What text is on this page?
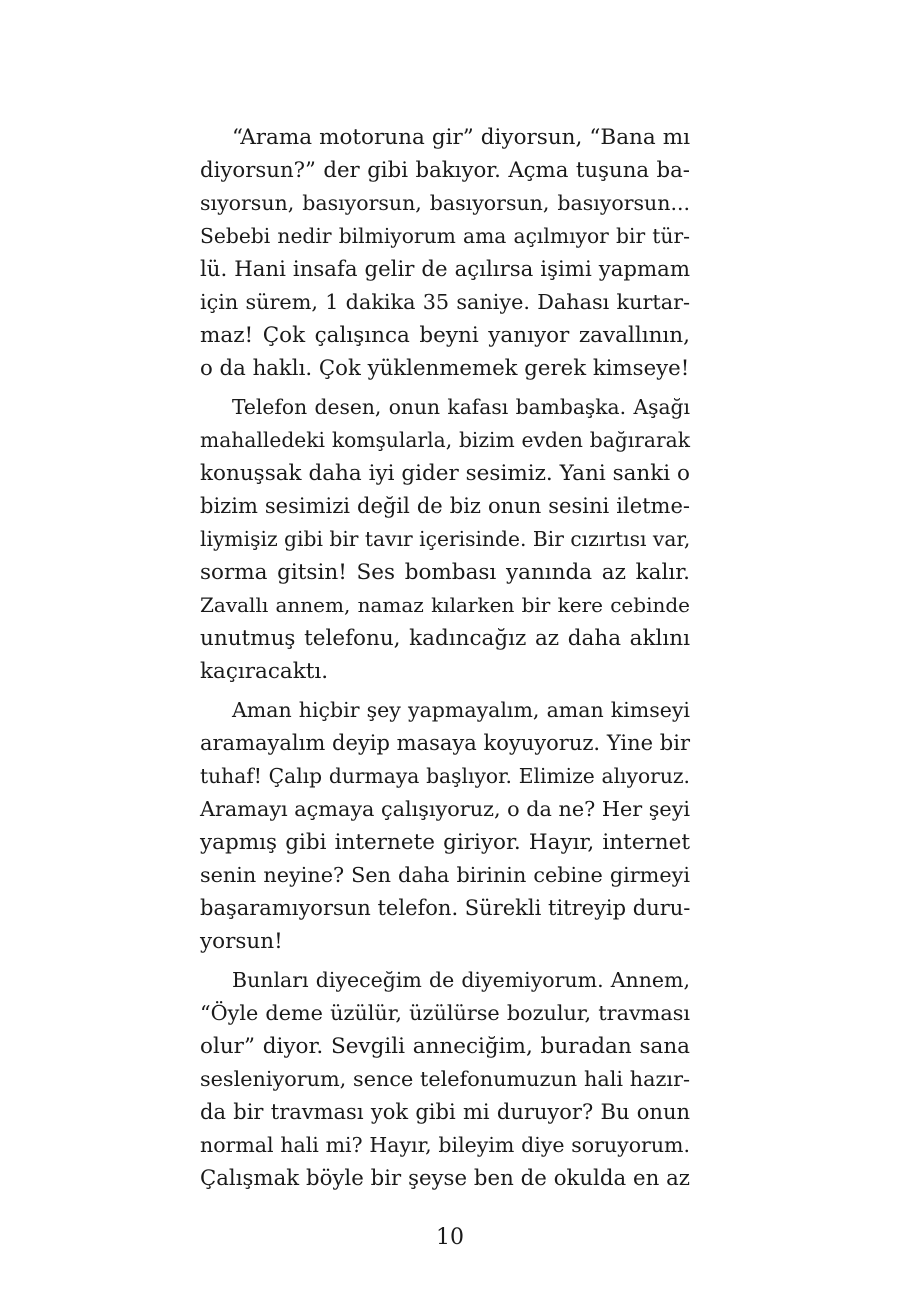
“Arama motoruna gir” diyorsun, “Bana mı
diyorsun?” der gibi bakıyor. Açma tuşuna ba-
sıyorsun, basıyorsun, basıyorsun, basıyorsun...
Sebebi nedir bilmiyorum ama açılmıyor bir tür-
lü. Hani insafa gelir de açılırsa işimi yapmam
için sürem, 1 dakika 35 saniye. Dahası kurtar-
maz! Çok çalışınca beyni yanıyor zavallının,
o da haklı. Çok yüklenmemek gerek kimseye!
Telefon desen, onun kafası bambaşka. Aşağı
mahalledeki komşularla, bizim evden bağırarak
konuşsak daha iyi gider sesimiz. Yani sanki o
bizim sesimizi değil de biz onun sesini iletme-
liymişiz gibi bir tavır içerisinde. Bir cızırtısı var,
sorma gitsin! Ses bombası yanında az kalır.
Zavallı annem, namaz kılarken bir kere cebinde
unutmuş telefonu, kadıncağız az daha aklını
kaçıracaktı.
Aman hiçbir şey yapmayalım, aman kimseyi
aramayalım deyip masaya koyuyoruz. Yine bir
tuhaf! Çalıp durmaya başlıyor. Elimize alıyoruz.
Aramayı açmaya çalışıyoruz, o da ne? Her şeyi
yapmış gibi internete giriyor. Hayır, internet
senin neyine? Sen daha birinin cebine girmeyi
başaramıyorsun telefon. Sürekli titreyip duru-
yorsun!
Bunları diyeceğim de diyemiyorum. Annem,
“Öyle deme üzülür, üzülürse bozulur, travması
olur” diyor. Sevgili anneciğim, buradan sana
sesleniyorum, sence telefonumuzun hali hazır-
da bir travması yok gibi mi duruyor? Bu onun
normal hali mi? Hayır, bileyim diye soruyorum.
Çalışmak böyle bir şeyse ben de okulda en az
10
